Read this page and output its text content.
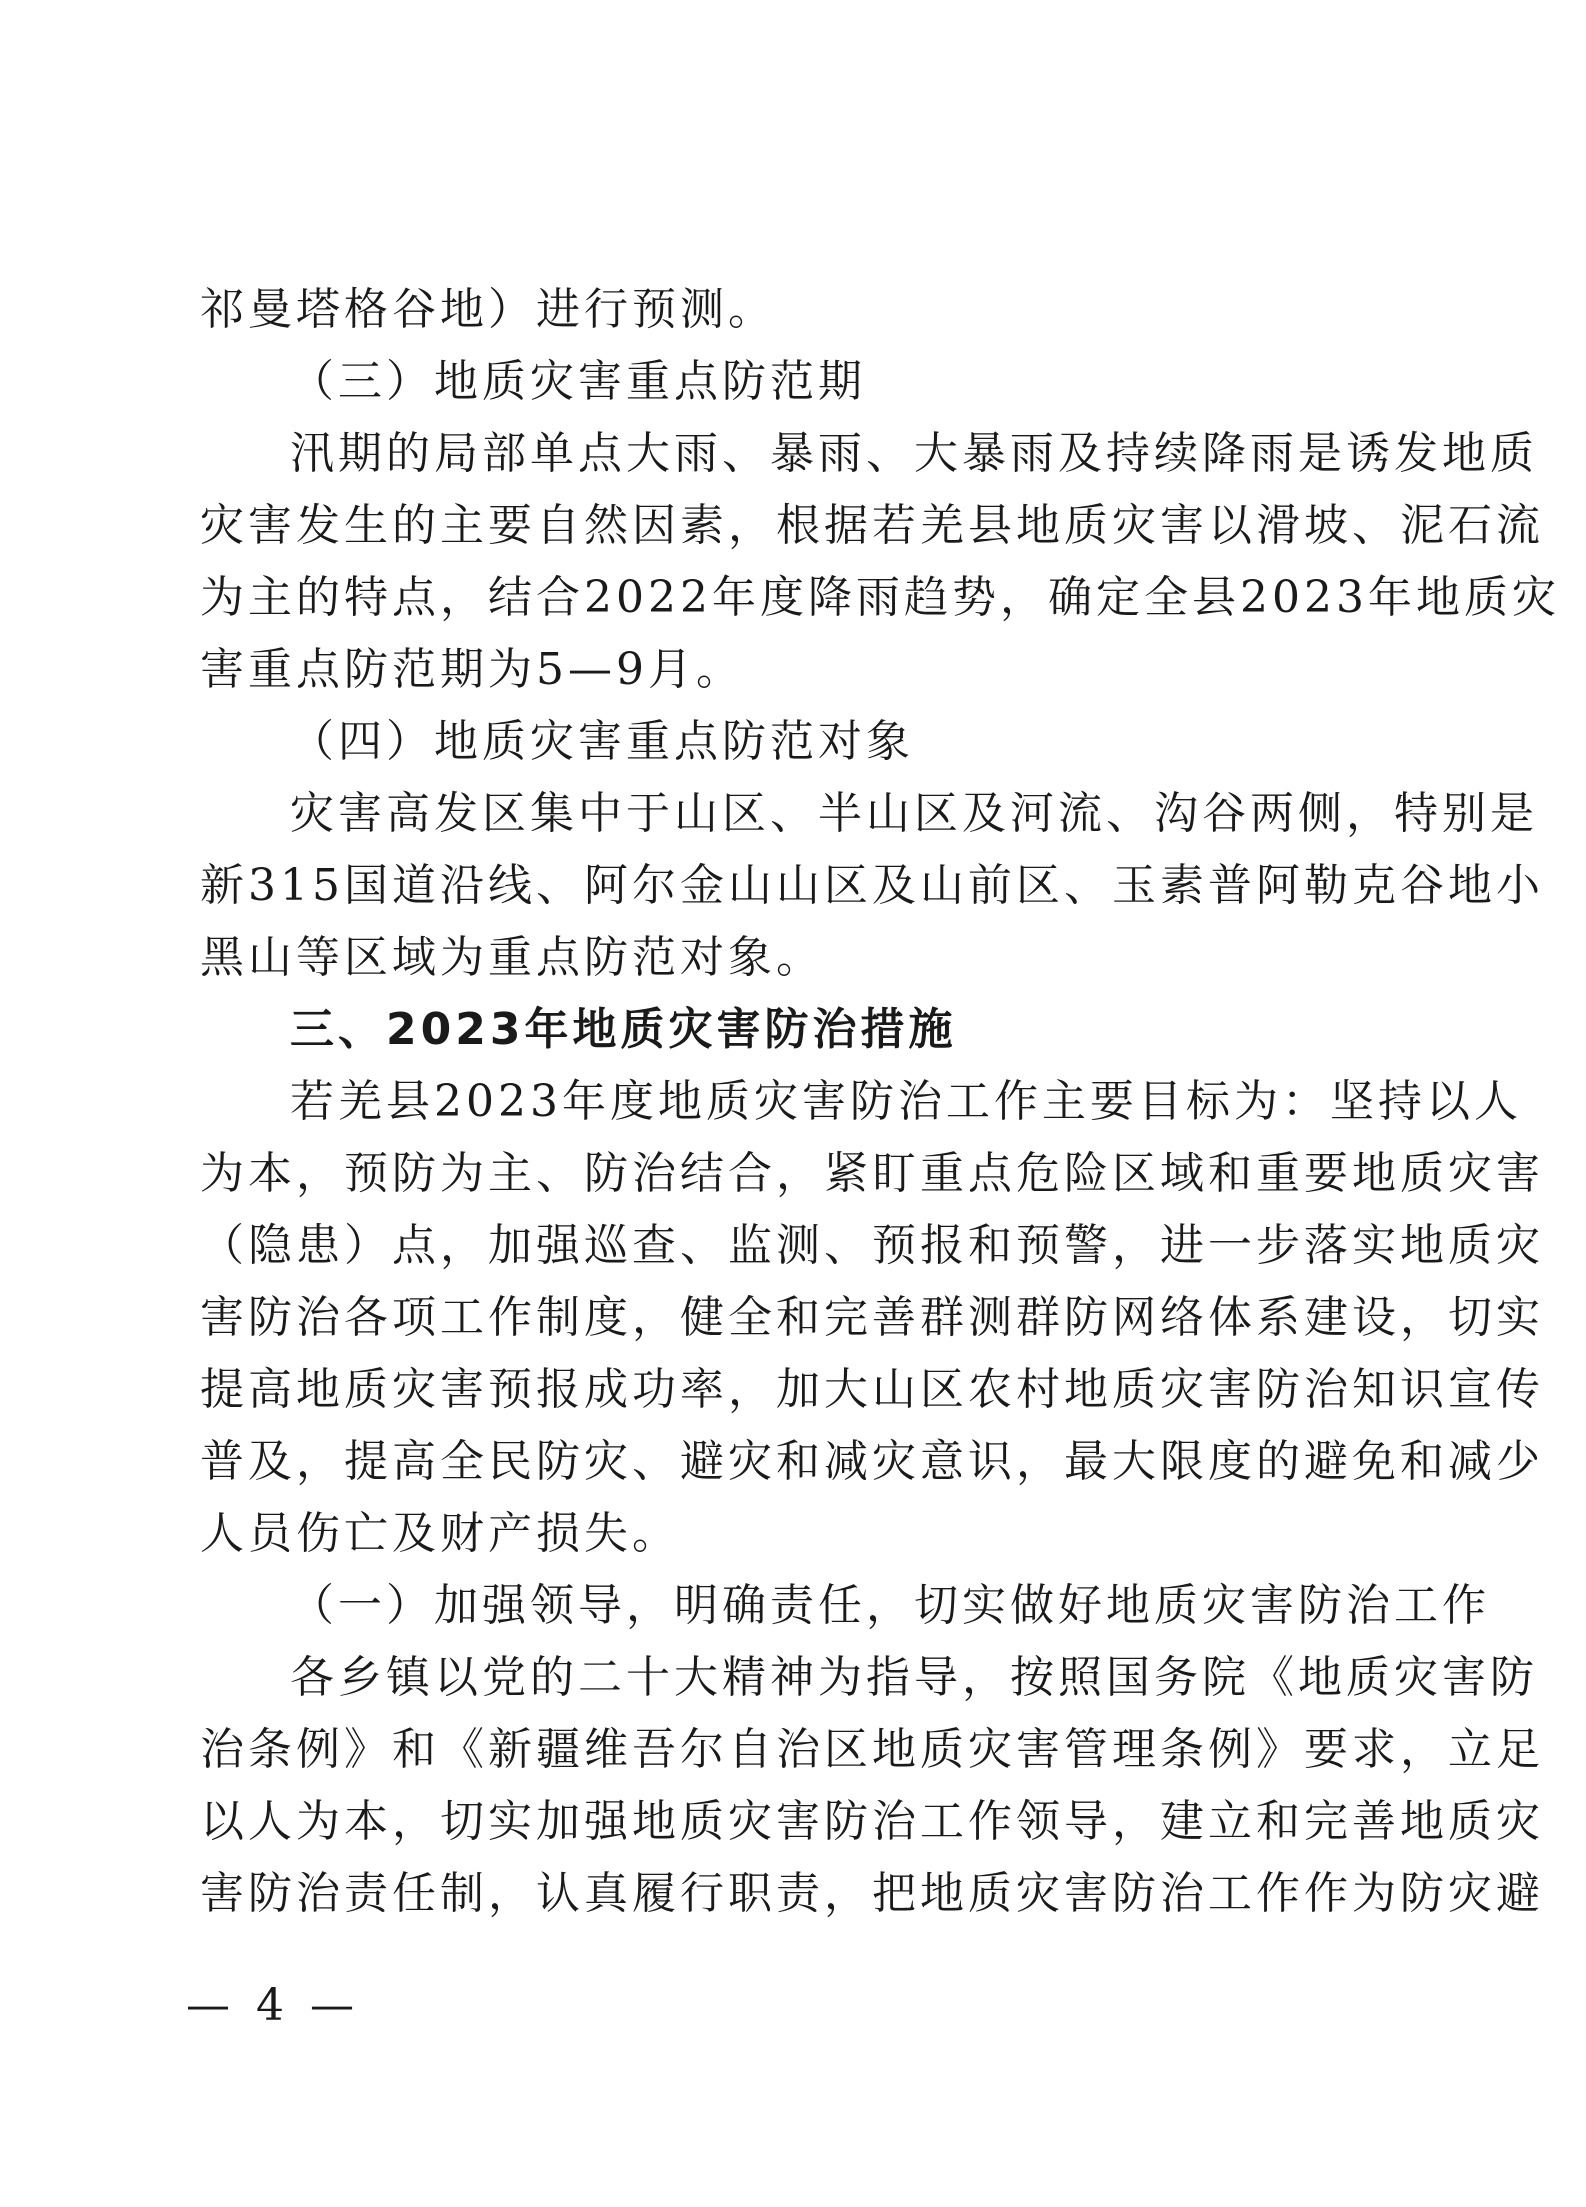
祁曼塔格谷地）进行预测。
（三）地质灾害重点防范期
汛期的局部单点大雨、暴雨、大暴雨及持续降雨是诱发地质
灾害发生的主要自然因素，根据若羌县地质灾害以滑坡、泥石流
为主的特点，结合2022年度降雨趋势，确定全县2023年地质灾
害重点防范期为5—9月。
（四）地质灾害重点防范对象
灾害高发区集中于山区、半山区及河流、沟谷两侧，特别是
新315国道沿线、阿尔金山山区及山前区、玉素普阿勒克谷地小
黑山等区域为重点防范对象。
三、2023年地质灾害防治措施
若羌县2023年度地质灾害防治工作主要目标为：坚持以人
为本，预防为主、防治结合，紧盯重点危险区域和重要地质灾害
（隐患）点，加强巡查、监测、预报和预警，进一步落实地质灾
害防治各项工作制度，健全和完善群测群防网络体系建设，切实
提高地质灾害预报成功率，加大山区农村地质灾害防治知识宣传
普及，提高全民防灾、避灾和减灾意识，最大限度的避免和减少
人员伤亡及财产损失。
（一）加强领导，明确责任，切实做好地质灾害防治工作
各乡镇以党的二十大精神为指导，按照国务院《地质灾害防
治条例》和《新疆维吾尔自治区地质灾害管理条例》要求，立足
以人为本，切实加强地质灾害防治工作领导，建立和完善地质灾
害防治责任制，认真履行职责，把地质灾害防治工作作为防灾避
— 4 —
